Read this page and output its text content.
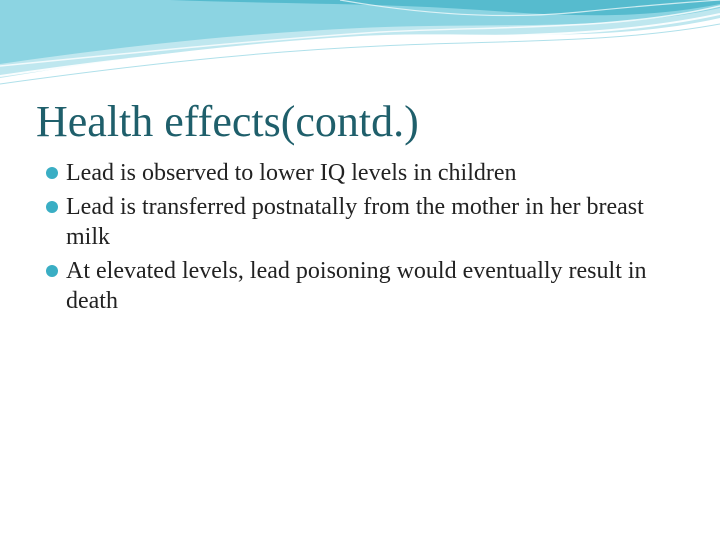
Health effects(contd.)
Lead is observed to lower IQ levels in children
Lead is transferred postnatally from the mother in her breast milk
At elevated levels, lead poisoning would eventually result in death
